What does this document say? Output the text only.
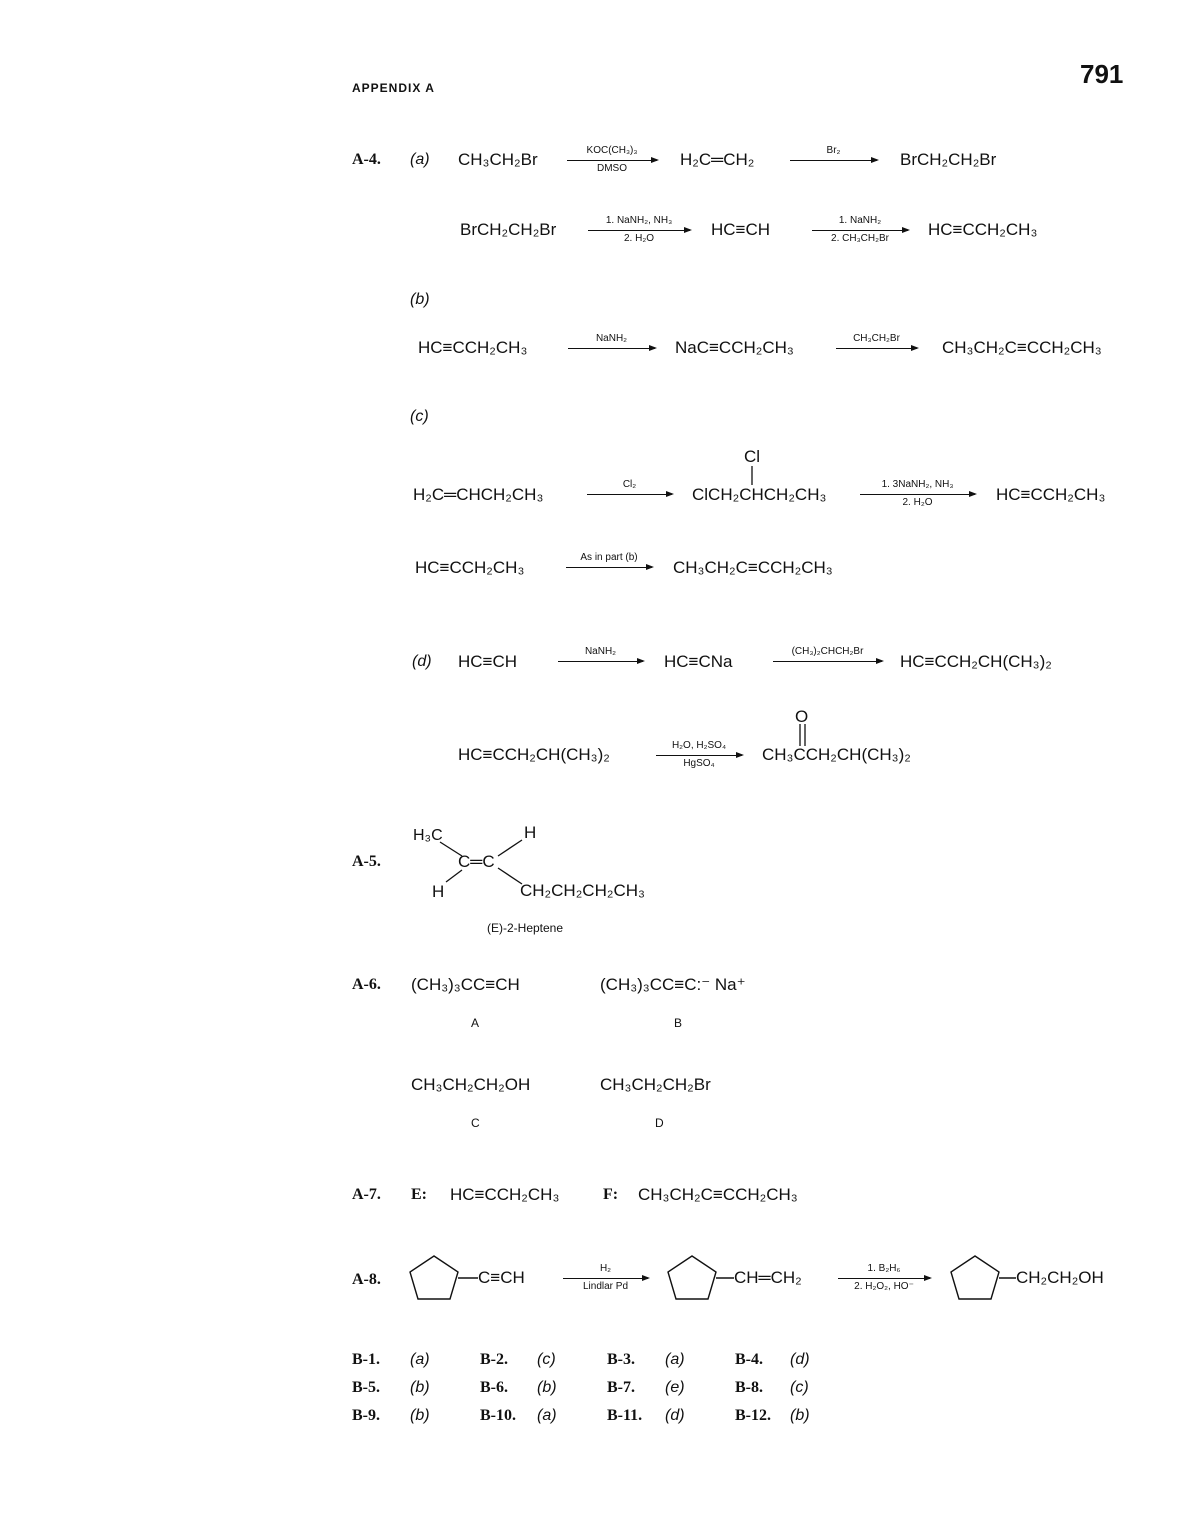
APPENDIX A	791
A-4. (a) CH₃CH₂Br	KOC(CH₃)₃
DMSO	H₂C═CH₂	Br₂	BrCH₂CH₂Br
BrCH₂CH₂Br	1. NaNH₂, NH₃
2. H₂O	HC≡CH	1. NaNH₂
2. CH₃CH₂Br	HC≡CCH₂CH₃
(b)
HC≡CCH₂CH₃	NaNH₂	NaC≡CCH₂CH₃	CH₃CH₂Br	CH₃CH₂C≡CCH₂CH₃
(c)
Cl
H₂C═CHCH₂CH₃
Cl₂
ClCH₂CHCH₂CH₃
1. 3NaNH₂, NH₃
2. H₂O	HC≡CCH₂CH₃
HC≡CCH₂CH₃
As in part (b)
CH₃CH₂C≡CCH₂CH₃
(d) HC≡CH
NaNH₂
HC≡CNa
(CH₃)₂CHCH₂Br
HC≡CCH₂CH(CH₃)₂
O
HC≡CCH₂CH(CH₃)₂	H₂O, H₂SO₄
HgSO₄	CH₃CCH₂CH(CH₃)₂
A-5.
H₃C	H
C═C
H	CH₂CH₂CH₂CH₃
(E)-2-Heptene
A-6. (CH₃)₃CC≡CH
A
(CH₃)₃CC≡C:⁻ Na⁺
B
CH₃CH₂CH₂OH
C
CH₃CH₂CH₂Br
D
A-7. E: HC≡CCH₂CH₃	F: CH₃CH₂C≡CCH₂CH₃
A-8.	C≡CH	H₂
Lindlar Pd	CH═CH₂	1. B₂H₆
2. H₂O₂, HO⁻	CH₂CH₂OH
B-1. (a)	B-2. (c)	B-3. (a)	B-4. (d)
B-5. (b)	B-6. (b)	B-7. (e)	B-8. (c)
B-9. (b)	B-10. (a)	B-11. (d)	B-12. (b)
